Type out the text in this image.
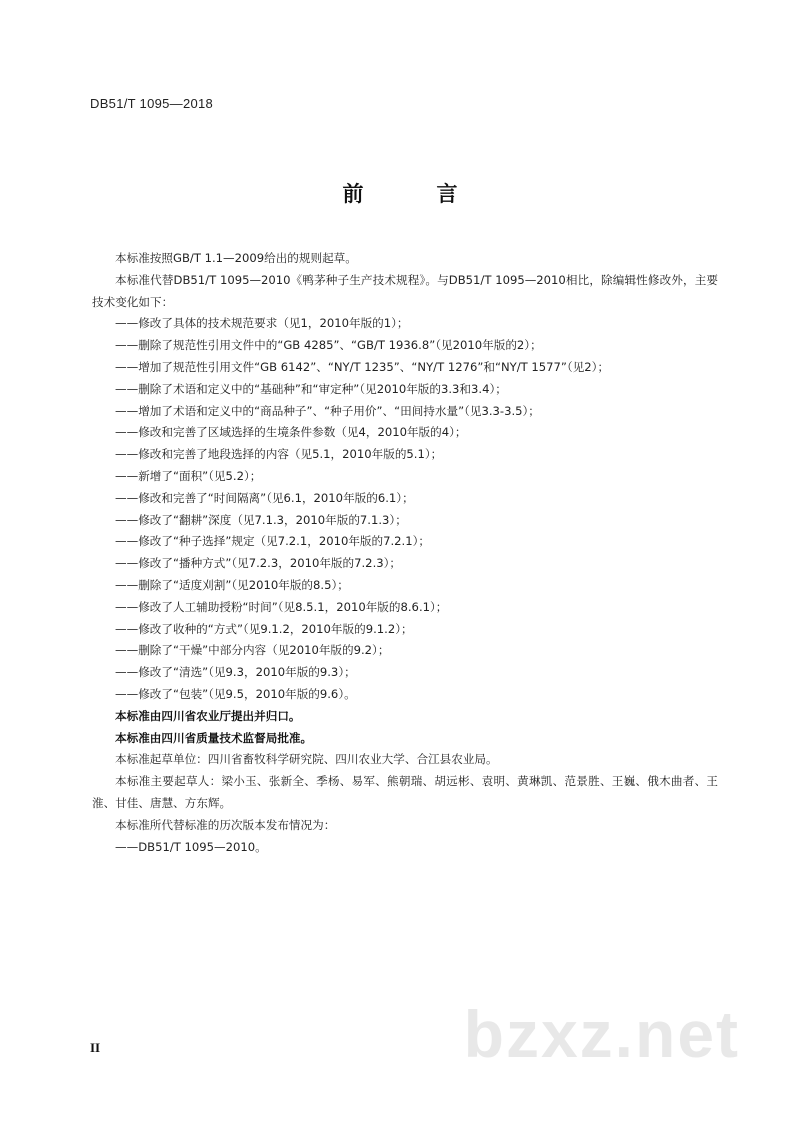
DB51/T 1095—2018
前　言

本标准按照GB/T 1.1—2009给出的规则起草。

本标准代替DB51/T 1095—2010《鸭茅种子生产技术规程》。与DB51/T 1095—2010相比，除编辑性修改外，主要技术变化如下：

——修改了具体的技术规范要求（见1，2010年版的1）；

——删除了规范性引用文件中的“GB 4285”、“GB/T 1936.8”（见2010年版的2）；

——增加了规范性引用文件“GB 6142”、“NY/T 1235”、“NY/T 1276”和“NY/T 1577”（见2）；

——删除了术语和定义中的“基础种”和“审定种”（见2010年版的3.3和3.4）；

——增加了术语和定义中的“商品种子”、“种子用价”、“田间持水量”（见3.3-3.5）；

——修改和完善了区域选择的生境条件参数（见4，2010年版的4）；

——修改和完善了地段选择的内容（见5.1，2010年版的5.1）；

——新增了“面积”（见5.2）；

——修改和完善了“时间隔离”（见6.1，2010年版的6.1）；

——修改了“翻耕”深度（见7.1.3，2010年版的7.1.3）；

——修改了“种子选择”规定（见7.2.1，2010年版的7.2.1）；

——修改了“播种方式”（见7.2.3，2010年版的7.2.3）；

——删除了“适度刈割”（见2010年版的8.5）；

——修改了人工辅助授粉“时间”（见8.5.1，2010年版的8.6.1）；

——修改了收种的“方式”（见9.1.2，2010年版的9.1.2）；

——删除了“干燥”中部分内容（见2010年版的9.2）；

——修改了“清选”（见9.3，2010年版的9.3）；

——修改了“包装”（见9.5，2010年版的9.6）。

本标准由四川省农业厅提出并归口。

本标准由四川省质量技术监督局批准。

本标准起草单位：四川省畜牧科学研究院、四川农业大学、合江县农业局。

本标准主要起草人：梁小玉、张新全、季杨、易军、熊朝瑞、胡远彬、袁明、黄琳凯、范景胜、王巍、俄木曲者、王淮、甘佳、唐慧、方东辉。

本标准所代替标准的历次版本发布情况为：

——DB51/T 1095—2010。

II	bzxz.net
